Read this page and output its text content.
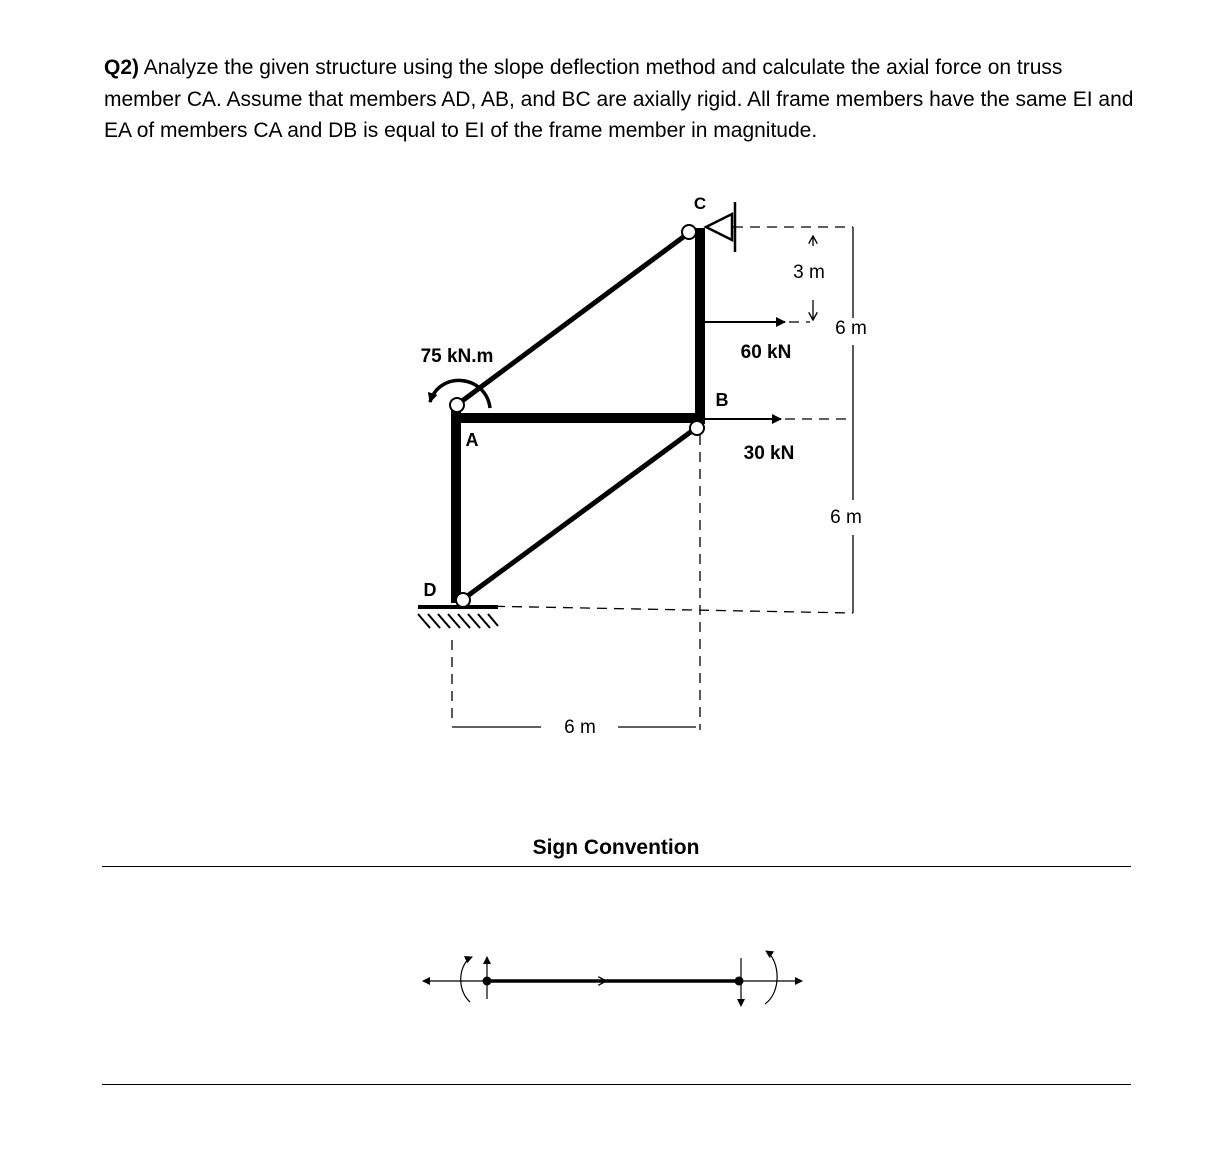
Q2) Analyze the given structure using the slope deflection method and calculate the axial force on truss member CA. Assume that members AD, AB, and BC are axially rigid. All frame members have the same EI and EA of members CA and DB is equal to EI of the frame member in magnitude.
C
A
B
D
75 kN.m	60 kN
30 kN
3 m
6 m
6 m
6 m
Sign Convention
